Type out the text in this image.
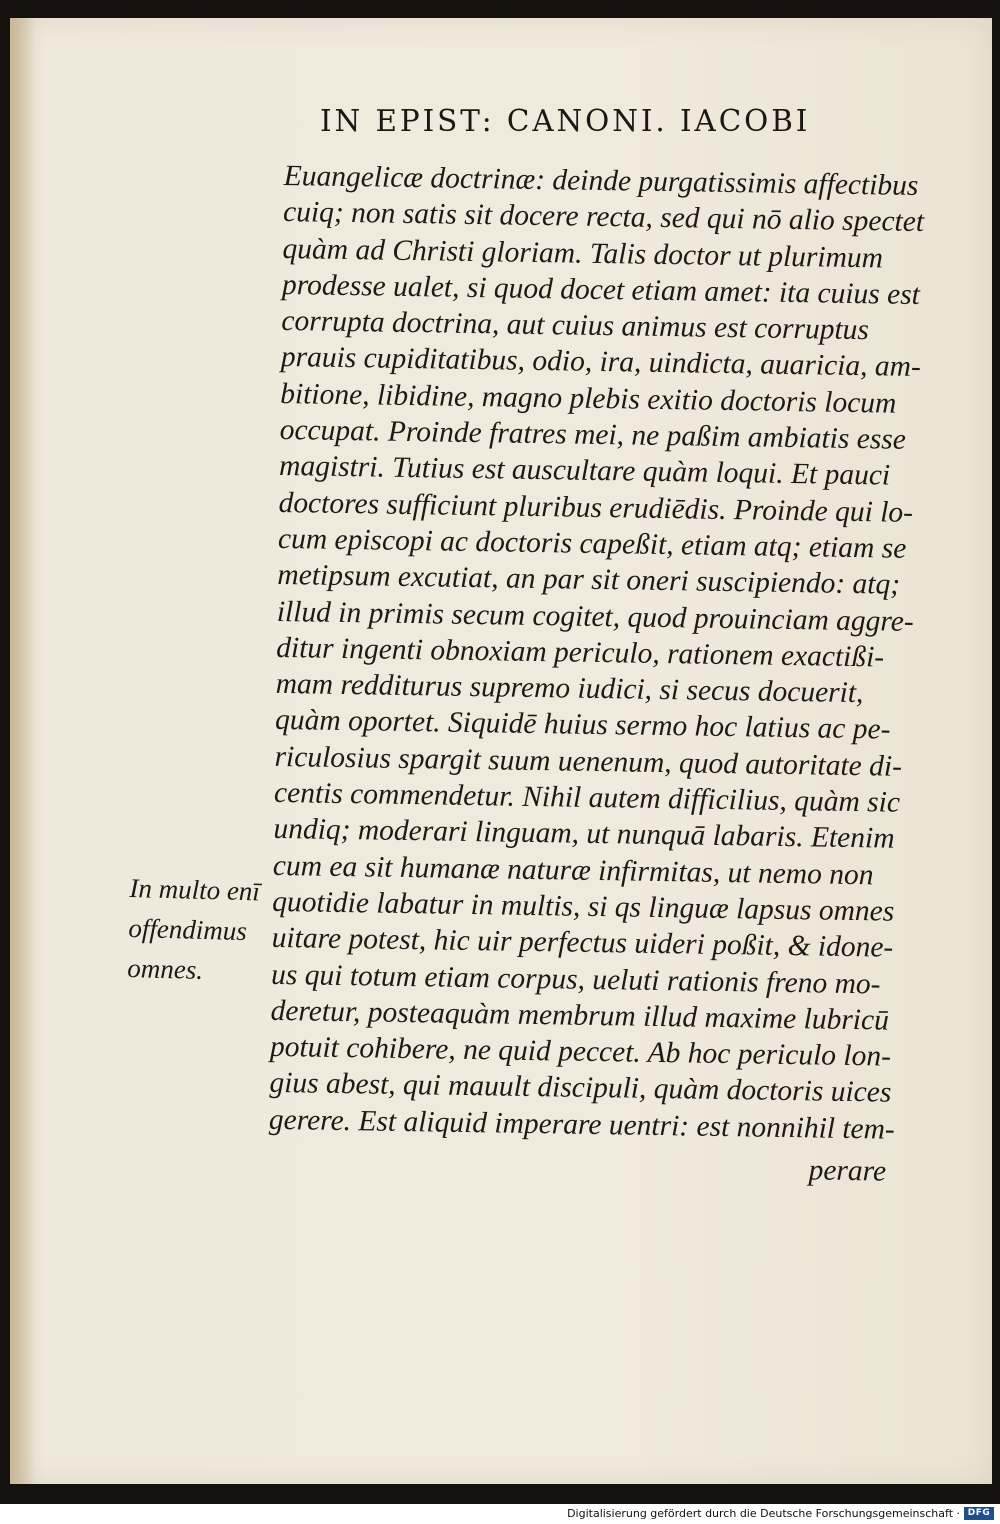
IN EPIST: CANONI. IACOBI
Euangelicæ doctrinæ: deinde purgatissimis affectibus
cuiq; non satis sit docere recta, sed qui nō alio spectet
quàm ad Christi gloriam. Talis doctor ut plurimum
prodesse ualet, si quod docet etiam amet: ita cuius est
corrupta doctrina, aut cuius animus est corruptus
prauis cupiditatibus, odio, ira, uindicta, auaricia, am‑
bitione, libidine, magno plebis exitio doctoris locum
occupat. Proinde fratres mei, ne paßim ambiatis esse
magistri. Tutius est auscultare quàm loqui. Et pauci
doctores sufficiunt pluribus erudiēdis. Proinde qui lo‑
cum episcopi ac doctoris capeßit, etiam atq; etiam se
metipsum excutiat, an par sit oneri suscipiendo: atq;
illud in primis secum cogitet, quod prouinciam aggre‑
ditur ingenti obnoxiam periculo, rationem exactißi‑
mam redditurus supremo iudici, si secus docuerit,
quàm oportet. Siquidē huius sermo hoc latius ac pe‑
riculosius spargit suum uenenum, quod autoritate di‑
centis commendetur. Nihil autem difficilius, quàm sic
undiq; moderari linguam, ut nunquā labaris. Etenim
cum ea sit humanæ naturæ infirmitas, ut nemo non
quotidie labatur in multis, si qs linguæ lapsus omnes
uitare potest, hic uir perfectus uideri poßit, & idone‑
us qui totum etiam corpus, ueluti rationis freno mo‑
deretur, posteaquàm membrum illud maxime lubricū
potuit cohibere, ne quid peccet. Ab hoc periculo lon‑
gius abest, qui mauult discipuli, quàm doctoris uices
gerere. Est aliquid imperare uentri: est nonnihil tem‑
perare
In multo enī
offendimus
omnes.
Digitalisierung gefördert durch die Deutsche Forschungsgemeinschaft · DFG
